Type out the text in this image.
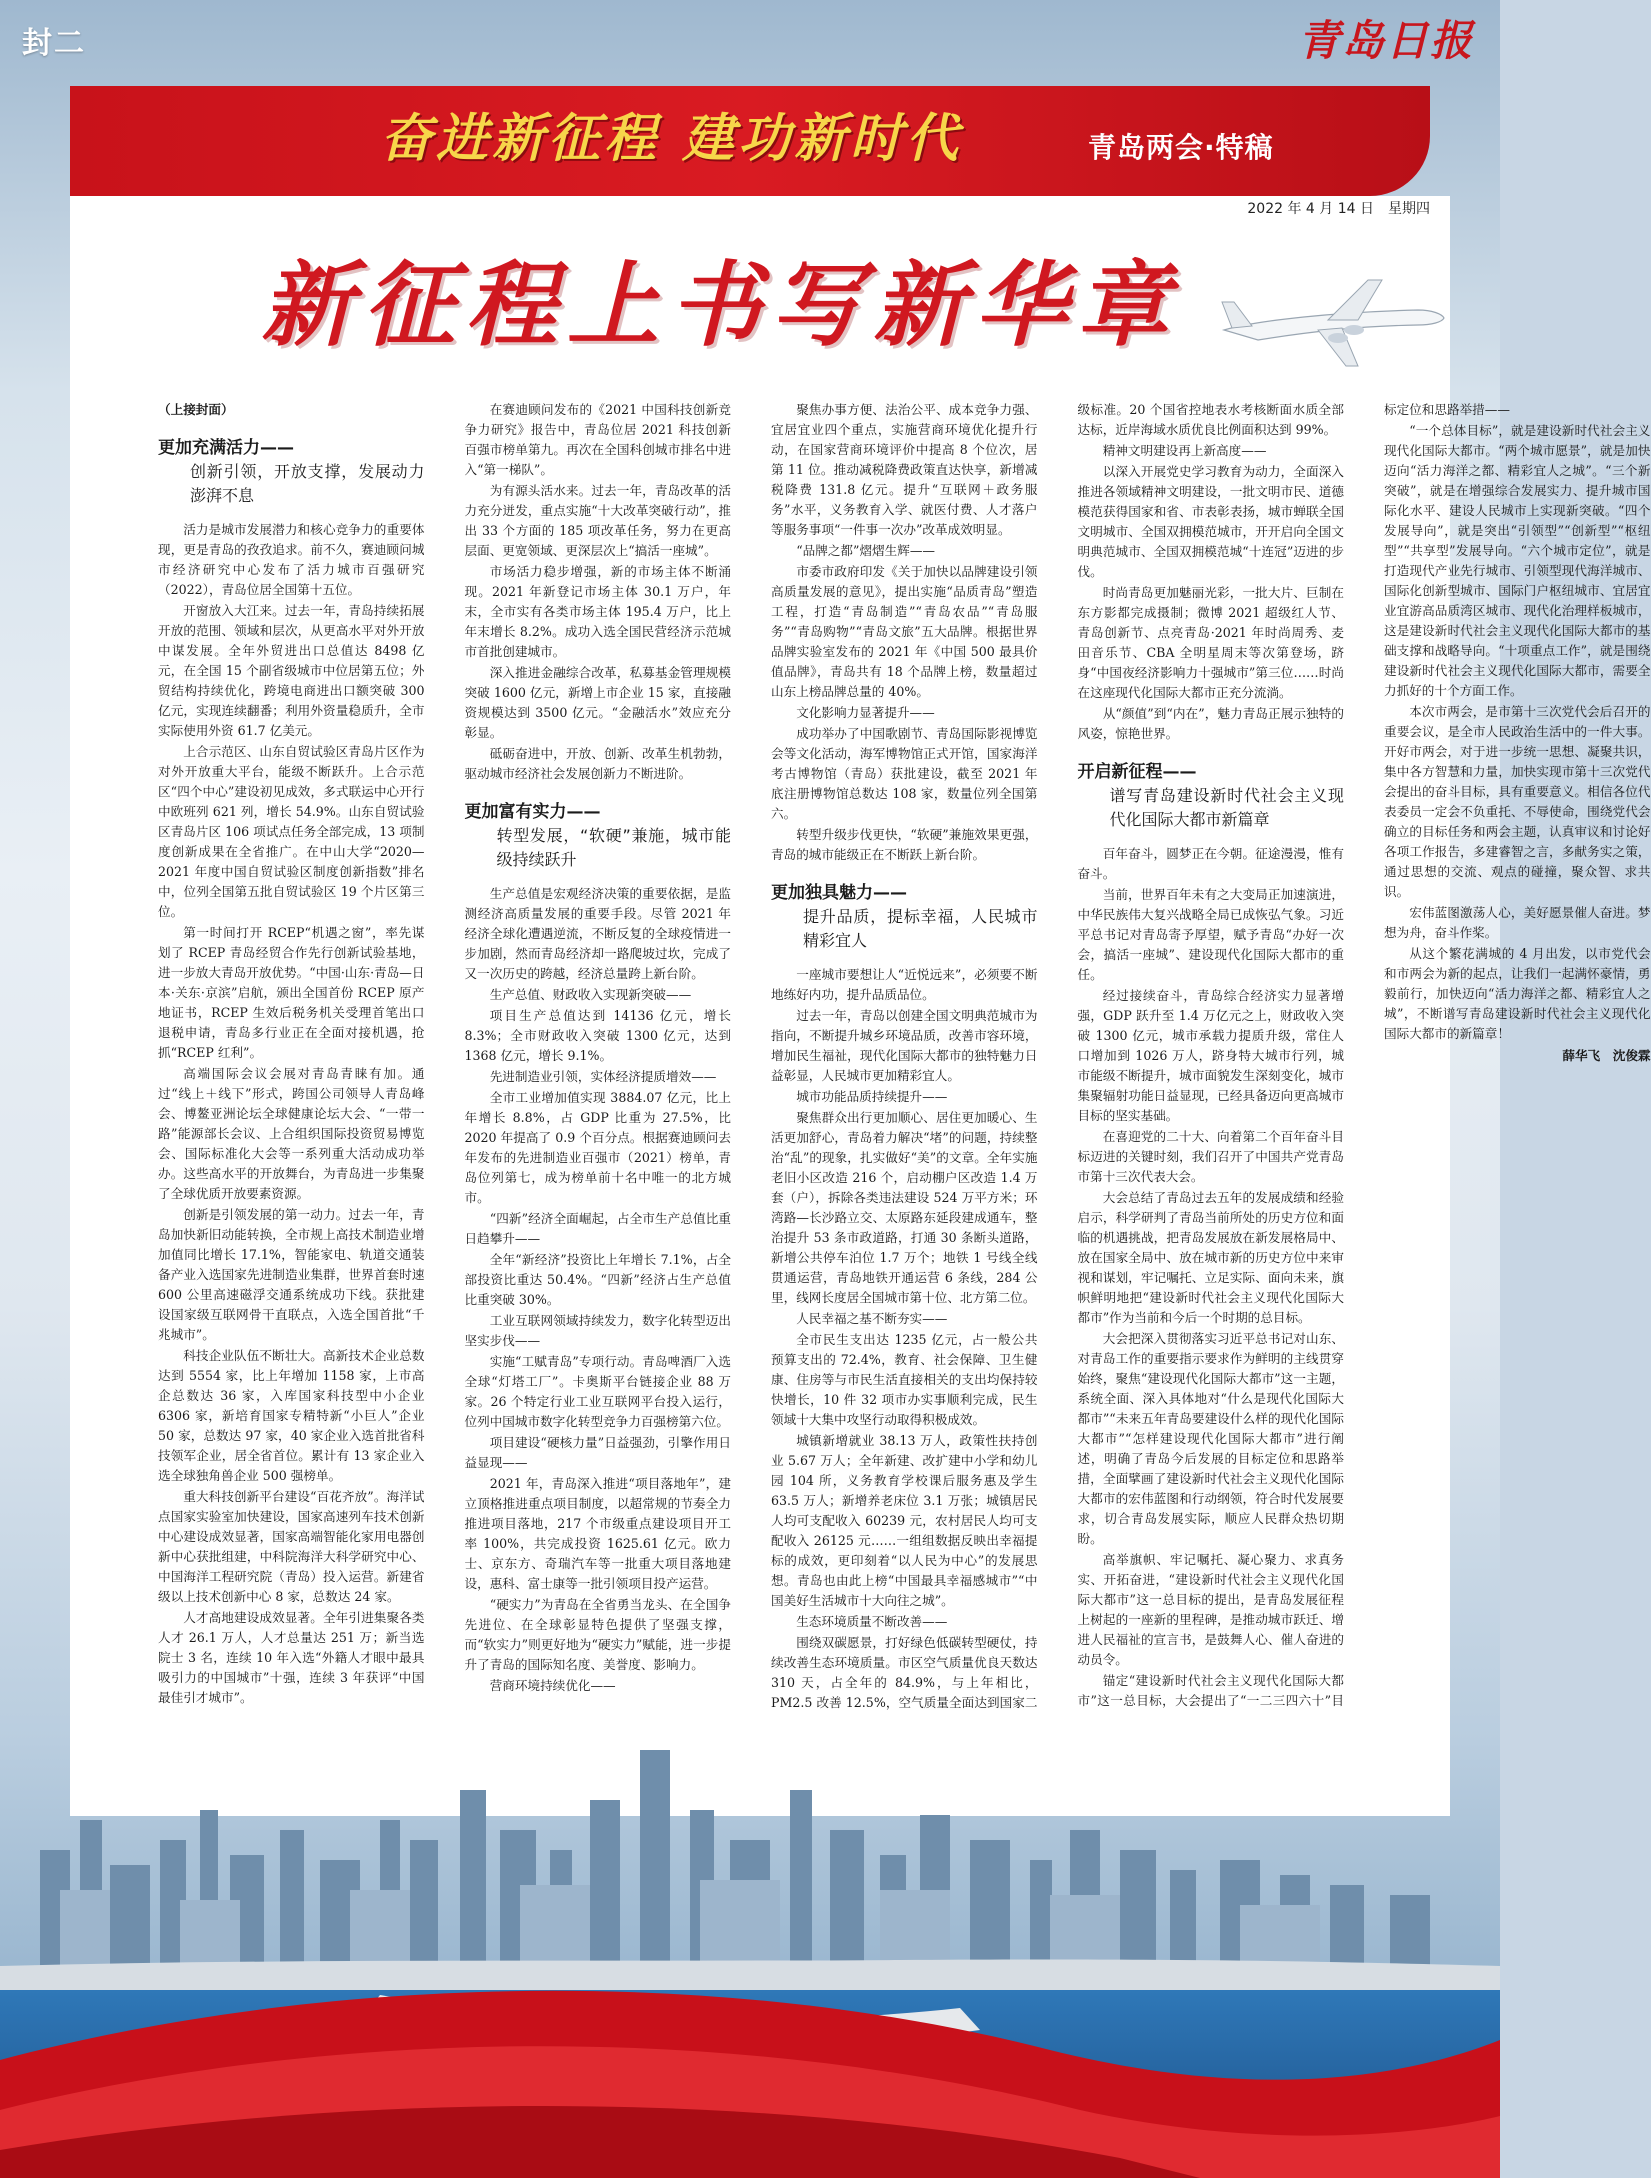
封二	青岛日报
奋进新征程 建功新时代	青岛两会·特稿
2022 年 4 月 14 日　星期四
新征程上书写新华章

（上接封面）

更加充满活力——
创新引领，开放支撑，发展动力澎湃不息

活力是城市发展潜力和核心竞争力的重要体现，更是青岛的孜孜追求。前不久，赛迪顾问城市经济研究中心发布了活力城市百强研究（2022），青岛位居全国第十五位。

开窗放入大江来。过去一年，青岛持续拓展开放的范围、领域和层次，从更高水平对外开放中谋发展。全年外贸进出口总值达 8498 亿元，在全国 15 个副省级城市中位居第五位；外贸结构持续优化，跨境电商进出口额突破 300 亿元，实现连续翻番；利用外资量稳质升，全市实际使用外资 61.7 亿美元。

上合示范区、山东自贸试验区青岛片区作为对外开放重大平台，能级不断跃升。上合示范区“四个中心”建设初见成效，多式联运中心开行中欧班列 621 列，增长 54.9%。山东自贸试验区青岛片区 106 项试点任务全部完成，13 项制度创新成果在全省推广。在中山大学“2020—2021 年度中国自贸试验区制度创新指数”排名中，位列全国第五批自贸试验区 19 个片区第三位。

第一时间打开 RCEP“机遇之窗”，率先谋划了 RCEP 青岛经贸合作先行创新试验基地，进一步放大青岛开放优势。“中国·山东·青岛—日本·关东·京滨”启航，颁出全国首份 RCEP 原产地证书，RCEP 生效后税务机关受理首笔出口退税申请，青岛多行业正在全面对接机遇，抢抓“RCEP 红利”。

高端国际会议会展对青岛青睐有加。通过“线上＋线下”形式，跨国公司领导人青岛峰会、博鳌亚洲论坛全球健康论坛大会、“一带一路”能源部长会议、上合组织国际投资贸易博览会、国际标准化大会等一系列重大活动成功举办。这些高水平的开放舞台，为青岛进一步集聚了全球优质开放要素资源。

创新是引领发展的第一动力。过去一年，青岛加快新旧动能转换，全市规上高技术制造业增加值同比增长 17.1%，智能家电、轨道交通装备产业入选国家先进制造业集群，世界首套时速 600 公里高速磁浮交通系统成功下线。获批建设国家级互联网骨干直联点，入选全国首批“千兆城市”。

科技企业队伍不断壮大。高新技术企业总数达到 5554 家，比上年增加 1158 家，上市高企总数达 36 家，入库国家科技型中小企业 6306 家，新培育国家专精特新“小巨人”企业 50 家，总数达 97 家，40 家企业入选首批省科技领军企业，居全省首位。累计有 13 家企业入选全球独角兽企业 500 强榜单。

重大科技创新平台建设“百花齐放”。海洋试点国家实验室加快建设，国家高速列车技术创新中心建设成效显著，国家高端智能化家用电器创新中心获批组建，中科院海洋大科学研究中心、中国海洋工程研究院（青岛）投入运营。新建省级以上技术创新中心 8 家，总数达 24 家。

人才高地建设成效显著。全年引进集聚各类人才 26.1 万人，人才总量达 251 万；新当选院士 3 名，连续 10 年入选“外籍人才眼中最具吸引力的中国城市”十强，连续 3 年获评“中国最佳引才城市”。

在赛迪顾问发布的《2021 中国科技创新竞争力研究》报告中，青岛位居 2021 科技创新百强市榜单第九。再次在全国科创城市排名中进入“第一梯队”。

为有源头活水来。过去一年，青岛改革的活力充分迸发，重点实施“十大改革突破行动”，推出 33 个方面的 185 项改革任务，努力在更高层面、更宽领域、更深层次上“搞活一座城”。

市场活力稳步增强，新的市场主体不断涌现。2021 年新登记市场主体 30.1 万户，年末，全市实有各类市场主体 195.4 万户，比上年末增长 8.2%。成功入选全国民营经济示范城市首批创建城市。

深入推进金融综合改革，私募基金管理规模突破 1600 亿元，新增上市企业 15 家，直接融资规模达到 3500 亿元。“金融活水”效应充分彰显。

砥砺奋进中，开放、创新、改革生机勃勃，驱动城市经济社会发展创新力不断进阶。

更加富有实力——
转型发展，“软硬”兼施，城市能级持续跃升

生产总值是宏观经济决策的重要依据，是监测经济高质量发展的重要手段。尽管 2021 年经济全球化遭遇逆流，不断反复的全球疫情进一步加剧，然而青岛经济却一路爬坡过坎，完成了又一次历史的跨越，经济总量跨上新台阶。

生产总值、财政收入实现新突破——

项目生产总值达到 14136 亿元，增长 8.3%；全市财政收入突破 1300 亿元，达到 1368 亿元，增长 9.1%。

先进制造业引领，实体经济提质增效——

全市工业增加值实现 3884.07 亿元，比上年增长 8.8%，占 GDP 比重为 27.5%，比 2020 年提高了 0.9 个百分点。根据赛迪顾问去年发布的先进制造业百强市（2021）榜单，青岛位列第七，成为榜单前十名中唯一的北方城市。

“四新”经济全面崛起，占全市生产总值比重日趋攀升——

全年“新经济”投资比上年增长 7.1%，占全部投资比重达 50.4%。“四新”经济占生产总值比重突破 30%。

工业互联网领域持续发力，数字化转型迈出坚实步伐——

实施“工赋青岛”专项行动。青岛啤酒厂入选全球“灯塔工厂”。卡奥斯平台链接企业 88 万家。26 个特定行业工业互联网平台投入运行，位列中国城市数字化转型竞争力百强榜第六位。

项目建设“硬核力量”日益强劲，引擎作用日益显现——

2021 年，青岛深入推进“项目落地年”，建立顶格推进重点项目制度，以超常规的节奏全力推进项目落地，217 个市级重点建设项目开工率 100%，共完成投资 1625.61 亿元。欧力士、京东方、奇瑞汽车等一批重大项目落地建设，惠科、富士康等一批引领项目投产运营。

“硬实力”为青岛在全省勇当龙头、在全国争先进位、在全球彰显特色提供了坚强支撑，而“软实力”则更好地为“硬实力”赋能，进一步提升了青岛的国际知名度、美誉度、影响力。

营商环境持续优化——

聚焦办事方便、法治公平、成本竞争力强、宜居宜业四个重点，实施营商环境优化提升行动，在国家营商环境评价中提高 8 个位次，居第 11 位。推动减税降费政策直达快享，新增减税降费 131.8 亿元。提升“互联网＋政务服务”水平，义务教育入学、就医付费、人才落户等服务事项“一件事一次办”改革成效明显。

“品牌之都”熠熠生辉——

市委市政府印发《关于加快以品牌建设引领高质量发展的意见》，提出实施“品质青岛”塑造工程，打造“青岛制造”“青岛农品”“青岛服务”“青岛购物”“青岛文旅”五大品牌。根据世界品牌实验室发布的 2021 年《中国 500 最具价值品牌》，青岛共有 18 个品牌上榜，数量超过山东上榜品牌总量的 40%。

文化影响力显著提升——

成功举办了中国歌剧节、青岛国际影视博览会等文化活动，海军博物馆正式开馆，国家海洋考古博物馆（青岛）获批建设，截至 2021 年底注册博物馆总数达 108 家，数量位列全国第六。

转型升级步伐更快，“软硬”兼施效果更强，青岛的城市能级正在不断跃上新台阶。

更加独具魅力——
提升品质，提标幸福，人民城市精彩宜人

一座城市要想让人“近悦远来”，必须要不断地练好内功，提升品质品位。

过去一年，青岛以创建全国文明典范城市为指向，不断提升城乡环境品质，改善市容环境，增加民生福祉，现代化国际大都市的独特魅力日益彰显，人民城市更加精彩宜人。

城市功能品质持续提升——

聚焦群众出行更加顺心、居住更加暖心、生活更加舒心，青岛着力解决“堵”的问题，持续整治“乱”的现象，扎实做好“美”的文章。全年实施老旧小区改造 216 个，启动棚户区改造 1.4 万套（户），拆除各类违法建设 524 万平方米；环湾路—长沙路立交、太原路东延段建成通车，整治提升 53 条市政道路，打通 30 条断头道路，新增公共停车泊位 1.7 万个；地铁 1 号线全线贯通运营，青岛地铁开通运营 6 条线，284 公里，线网长度居全国城市第十位、北方第二位。

人民幸福之基不断夯实——

全市民生支出达 1235 亿元，占一般公共预算支出的 72.4%，教育、社会保障、卫生健康、住房等与市民生活直接相关的支出均保持较快增长，10 件 32 项市办实事顺利完成，民生领域十大集中攻坚行动取得积极成效。

城镇新增就业 38.13 万人，政策性扶持创业 5.67 万人；全年新建、改扩建中小学和幼儿园 104 所，义务教育学校课后服务惠及学生 63.5 万人；新增养老床位 3.1 万张；城镇居民人均可支配收入 60239 元，农村居民人均可支配收入 26125 元……一组组数据反映出幸福提标的成效，更印刻着“以人民为中心”的发展思想。青岛也由此上榜“中国最具幸福感城市”“中国美好生活城市十大向往之城”。

生态环境质量不断改善——

围绕双碳愿景，打好绿色低碳转型硬仗，持续改善生态环境质量。市区空气质量优良天数达 310 天，占全年的 84.9%，与上年相比，PM2.5 改善 12.5%，空气质量全面达到国家二级标准。20 个国省控地表水考核断面水质全部达标，近岸海域水质优良比例面积达到 99%。

精神文明建设再上新高度——

以深入开展党史学习教育为动力，全面深入推进各领域精神文明建设，一批文明市民、道德模范获得国家和省、市表彰表扬，城市蝉联全国文明城市、全国双拥模范城市，开开启向全国文明典范城市、全国双拥模范城“十连冠”迈进的步伐。

时尚青岛更加魅丽光彩，一批大片、巨制在东方影都完成摄制；微博 2021 超级红人节、青岛创新节、点亮青岛·2021 年时尚周秀、麦田音乐节、CBA 全明星周末等次第登场，跻身“中国夜经济影响力十强城市”第三位……时尚在这座现代化国际大都市正充分流淌。

从“颜值”到“内在”，魅力青岛正展示独特的风姿，惊艳世界。

开启新征程——
谱写青岛建设新时代社会主义现代化国际大都市新篇章

百年奋斗，圆梦正在今朝。征途漫漫，惟有奋斗。

当前，世界百年未有之大变局正加速演进，中华民族伟大复兴战略全局已成恢弘气象。习近平总书记对青岛寄予厚望，赋予青岛“办好一次会，搞活一座城”、建设现代化国际大都市的重任。

经过接续奋斗，青岛综合经济实力显著增强，GDP 跃升至 1.4 万亿元之上，财政收入突破 1300 亿元，城市承载力提质升级，常住人口增加到 1026 万人，跻身特大城市行列，城市能级不断提升，城市面貌发生深刻变化，城市集聚辐射功能日益显现，已经具备迈向更高城市目标的坚实基础。

在喜迎党的二十大、向着第二个百年奋斗目标迈进的关键时刻，我们召开了中国共产党青岛市第十三次代表大会。

大会总结了青岛过去五年的发展成绩和经验启示，科学研判了青岛当前所处的历史方位和面临的机遇挑战，把青岛发展放在新发展格局中、放在国家全局中、放在城市新的历史方位中来审视和谋划，牢记嘱托、立足实际、面向未来，旗帜鲜明地把“建设新时代社会主义现代化国际大都市”作为当前和今后一个时期的总目标。

大会把深入贯彻落实习近平总书记对山东、对青岛工作的重要指示要求作为鲜明的主线贯穿始终，聚焦“建设现代化国际大都市”这一主题，系统全面、深入具体地对“什么是现代化国际大都市”“未来五年青岛要建设什么样的现代化国际大都市”“怎样建设现代化国际大都市”进行阐述，明确了青岛今后发展的目标定位和思路举措，全面擘画了建设新时代社会主义现代化国际大都市的宏伟蓝图和行动纲领，符合时代发展要求，切合青岛发展实际，顺应人民群众热切期盼。

高举旗帜、牢记嘱托、凝心聚力、求真务实、开拓奋进，“建设新时代社会主义现代化国际大都市”这一总目标的提出，是青岛发展征程上树起的一座新的里程碑，是推动城市跃迁、增进人民福祉的宣言书，是鼓舞人心、催人奋进的动员令。

锚定“建设新时代社会主义现代化国际大都市”这一总目标，大会提出了“一二三四六十”目标定位和思路举措——

“一个总体目标”，就是建设新时代社会主义现代化国际大都市。“两个城市愿景”，就是加快迈向“活力海洋之都、精彩宜人之城”。“三个新突破”，就是在增强综合发展实力、提升城市国际化水平、建设人民城市上实现新突破。“四个发展导向”，就是突出“引领型”“创新型”“枢纽型”“共享型”发展导向。“六个城市定位”，就是打造现代产业先行城市、引领型现代海洋城市、国际化创新型城市、国际门户枢纽城市、宜居宜业宜游高品质湾区城市、现代化治理样板城市，这是建设新时代社会主义现代化国际大都市的基础支撑和战略导向。“十项重点工作”，就是围绕建设新时代社会主义现代化国际大都市，需要全力抓好的十个方面工作。

本次市两会，是市第十三次党代会后召开的重要会议，是全市人民政治生活中的一件大事。开好市两会，对于进一步统一思想、凝聚共识，集中各方智慧和力量，加快实现市第十三次党代会提出的奋斗目标，具有重要意义。相信各位代表委员一定会不负重托、不辱使命，围绕党代会确立的目标任务和两会主题，认真审议和讨论好各项工作报告，多建睿智之言，多献务实之策，通过思想的交流、观点的碰撞，聚众智、求共识。

宏伟蓝图激荡人心，美好愿景催人奋进。梦想为舟，奋斗作桨。

从这个繁花满城的 4 月出发，以市党代会和市两会为新的起点，让我们一起满怀豪情，勇毅前行，加快迈向“活力海洋之都、精彩宜人之城”，不断谱写青岛建设新时代社会主义现代化国际大都市的新篇章！

薛华飞　沈俊霖
